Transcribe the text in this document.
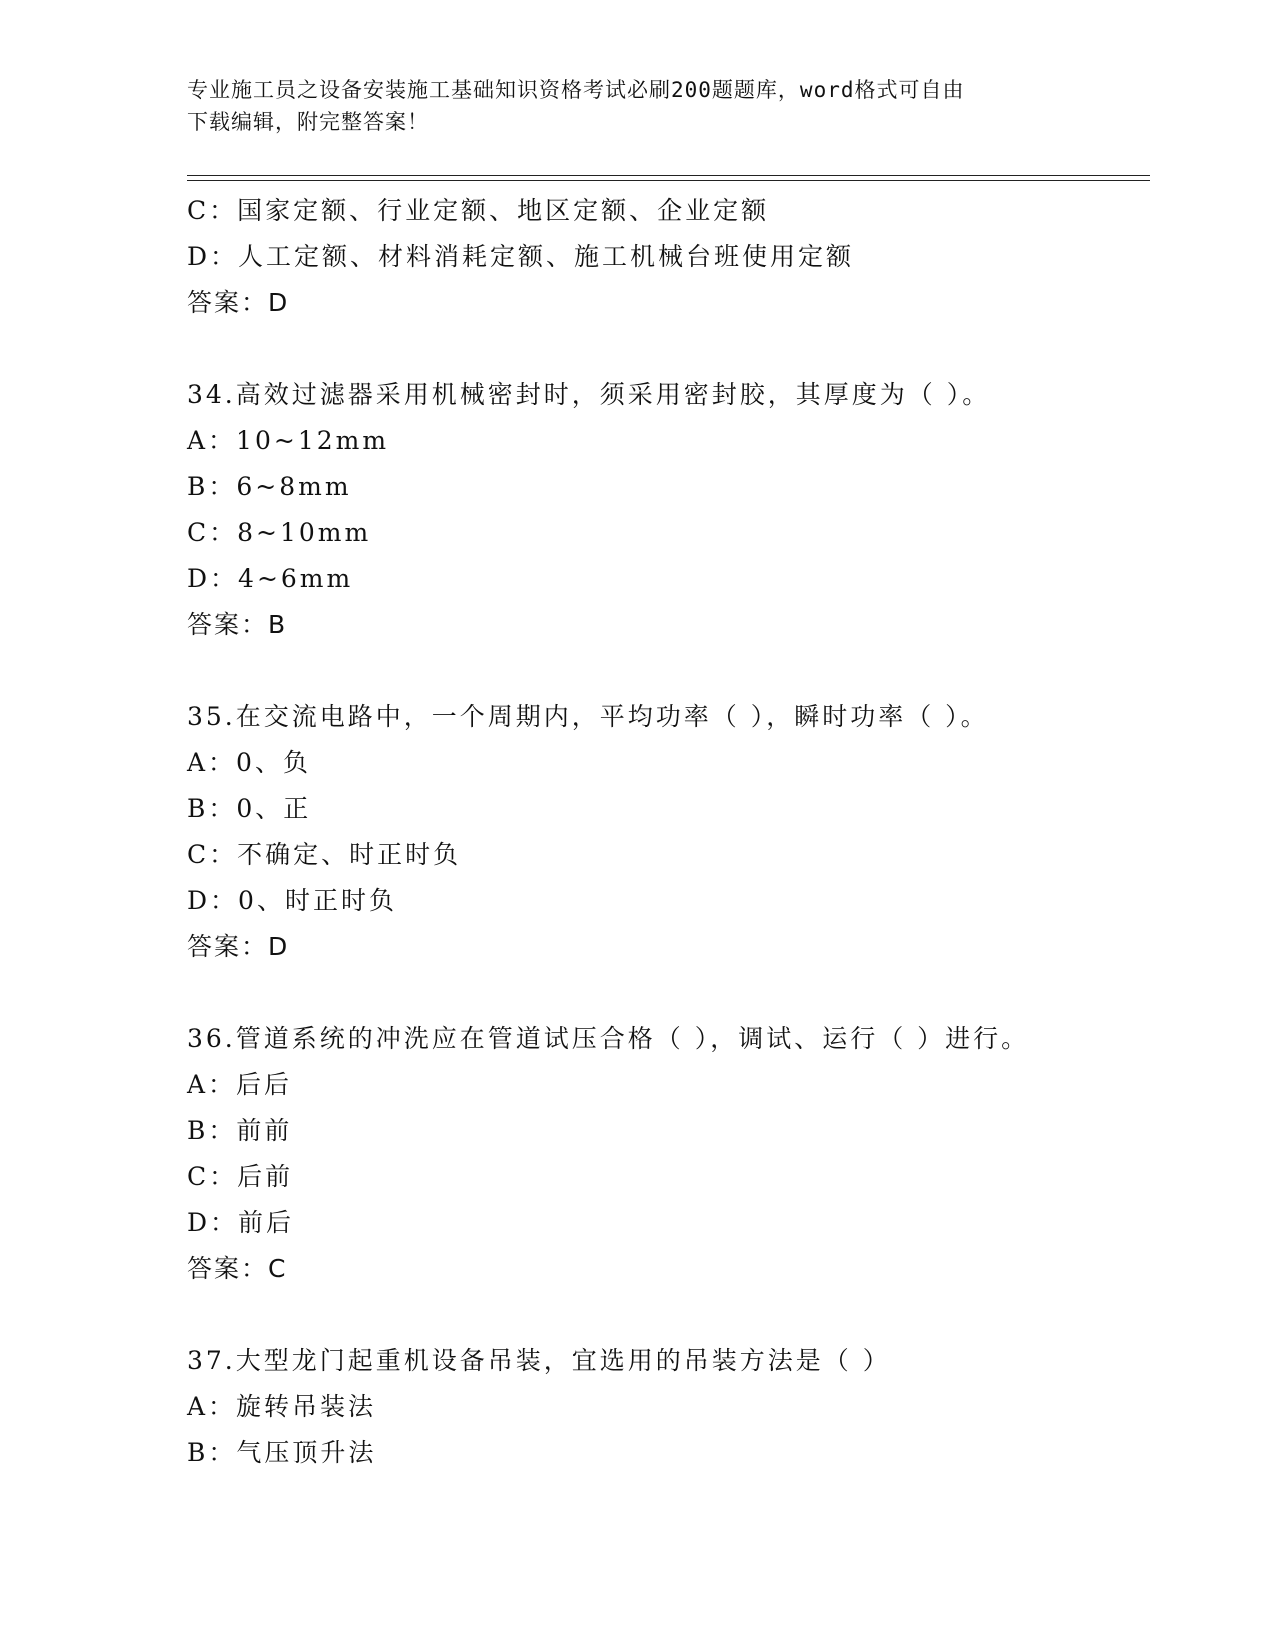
专业施工员之设备安装施工基础知识资格考试必刷200题题库，word格式可自由
下载编辑，附完整答案！
C：国家定额、行业定额、地区定额、企业定额
D：人工定额、材料消耗定额、施工机械台班使用定额
答案：D
34.高效过滤器采用机械密封时，须采用密封胶，其厚度为（ ）。
A：10~12mm
B：6~8mm
C：8~10mm
D：4~6mm
答案：B
35.在交流电路中，一个周期内，平均功率（ ），瞬时功率（ ）。
A：0、负
B：0、正
C：不确定、时正时负
D：0、时正时负
答案：D
36.管道系统的冲洗应在管道试压合格（ ），调试、运行（ ）进行。
A：后后
B：前前
C：后前
D：前后
答案：C
37.大型龙门起重机设备吊装，宜选用的吊装方法是（ ）
A：旋转吊装法
B：气压顶升法
